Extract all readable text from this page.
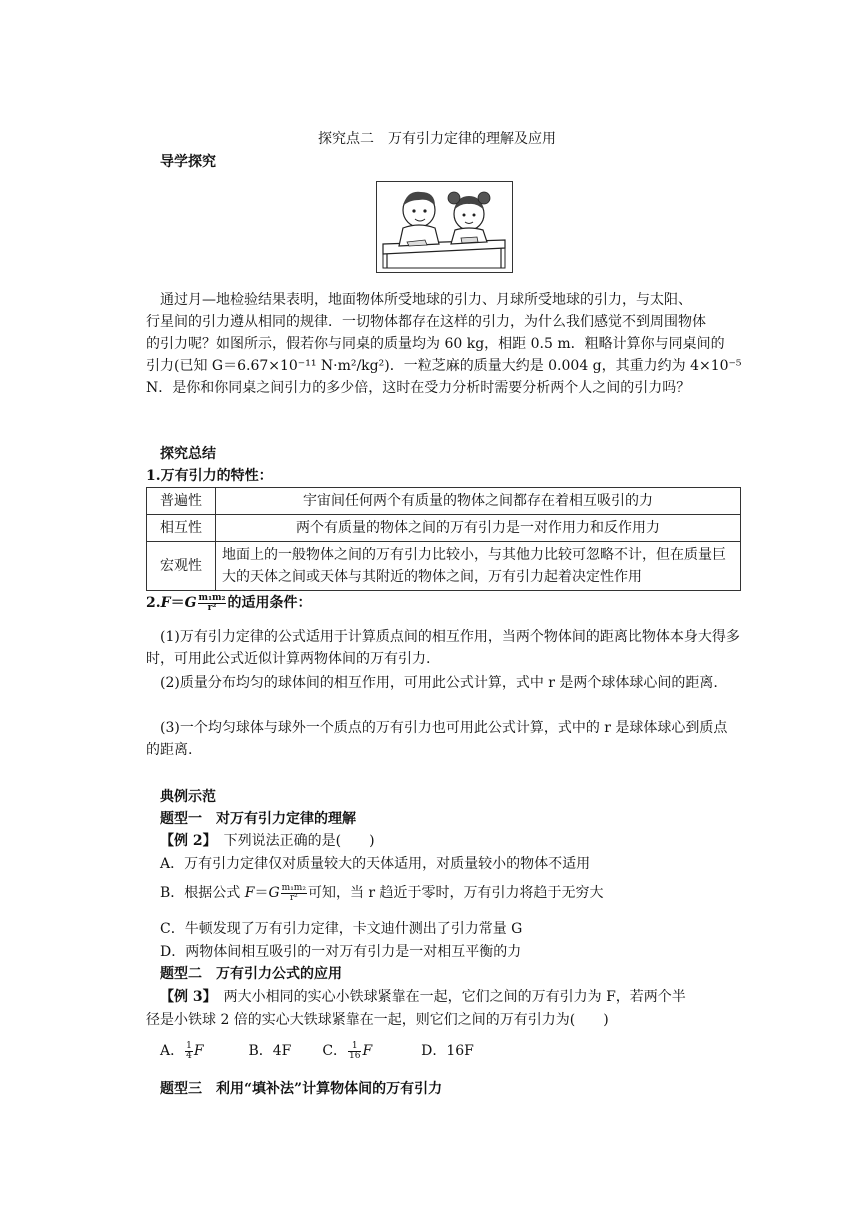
探究点二　万有引力定律的理解及应用
导学探究
通过月—地检验结果表明，地面物体所受地球的引力、月球所受地球的引力，与太阳、
行星间的引力遵从相同的规律．一切物体都存在这样的引力，为什么我们感觉不到周围物体
的引力呢？如图所示，假若你与同桌的质量均为 60 kg，相距 0.5 m．粗略计算你与同桌间的
引力(已知 G＝6.67×10⁻¹¹ N·m²/kg²)．一粒芝麻的质量大约是 0.004 g，其重力约为 4×10⁻⁵
N．是你和你同桌之间引力的多少倍，这时在受力分析时需要分析两个人之间的引力吗？
探究总结
1.万有引力的特性：
普遍性	宇宙间任何两个有质量的物体之间都存在着相互吸引的力
相互性	两个有质量的物体之间的万有引力是一对作用力和反作用力
宏观性	地面上的一般物体之间的万有引力比较小，与其他力比较可忽略不计，但在质量巨大的天体之间或天体与其附近的物体之间，万有引力起着决定性作用
$2.F=G \frac{\text{m₁m₂}}{\text{r²}}$ 的适用条件：
(1)万有引力定律的公式适用于计算质点间的相互作用，当两个物体间的距离比物体本身大得多时，可用此公式近似计算两物体间的万有引力.
(2)质量分布均匀的球体间的相互作用，可用此公式计算，式中 r 是两个球体球心间的距离.
(3)一个均匀球体与球外一个质点的万有引力也可用此公式计算，式中的 r 是球体球心到质点的距离.
典例示范
题型一　对万有引力定律的理解
【例 2】　下列说法正确的是(　　)
A．万有引力定律仅对质量较大的天体适用，对质量较小的物体不适用
B．根据公式 $F=G \frac{\text{m₁m₂}}{\text{r²}}$ 可知，当 r 趋近于零时，万有引力将趋于无穷大
C．牛顿发现了万有引力定律，卡文迪什测出了引力常量 G
D．两物体间相互吸引的一对万有引力是一对相互平衡的力
题型二　万有引力公式的应用
【例 3】　两大小相同的实心小铁球紧靠在一起，它们之间的万有引力为 F，若两个半
径是小铁球 2 倍的实心大铁球紧靠在一起，则它们之间的万有引力为(　　)
A． $\frac{1}{4}$ F	B．4F C． $\frac{1}{16}$ F	D．16F
题型三　利用“填补法”计算物体间的万有引力
